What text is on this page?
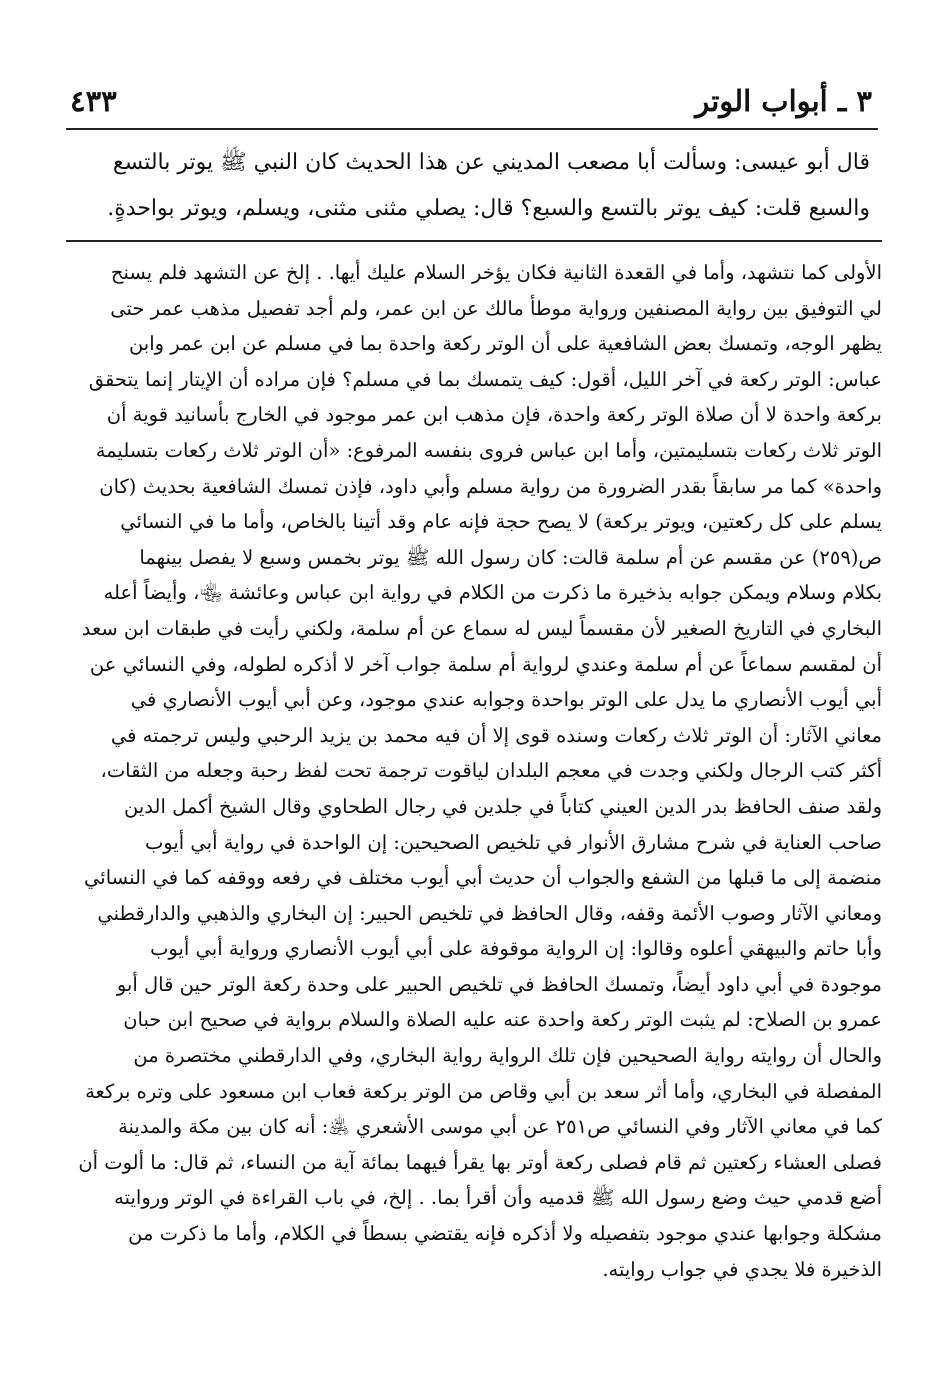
٣ ـ أبواب الوتر
٤٣٣

قال أبو عيسى: وسألت أبا مصعب المديني عن هذا الحديث كان النبي ﷺ يوتر بالتسع

والسبع قلت: كيف يوتر بالتسع والسبع؟ قال: يصلي مثنى مثنى، ويسلم، ويوتر بواحدةٍ.

الأولى كما نتشهد، وأما في القعدة الثانية فكان يؤخر السلام عليك أيها. . إلخ عن التشهد فلم يسنح
لي التوفيق بين رواية المصنفين ورواية موطأ مالك عن ابن عمر، ولم أجد تفصيل مذهب عمر حتى
يظهر الوجه، وتمسك بعض الشافعية على أن الوتر ركعة واحدة بما في مسلم عن ابن عمر وابن
عباس: الوتر ركعة في آخر الليل، أقول: كيف يتمسك بما في مسلم؟ فإن مراده أن الإيتار إنما يتحقق
بركعة واحدة لا أن صلاة الوتر ركعة واحدة، فإن مذهب ابن عمر موجود في الخارج بأسانيد قوية أن
الوتر ثلاث ركعات بتسليمتين، وأما ابن عباس فروى بنفسه المرفوع: «أن الوتر ثلاث ركعات بتسليمة
واحدة» كما مر سابقاً بقدر الضرورة من رواية مسلم وأبي داود، فإذن تمسك الشافعية بحديث (كان
يسلم على كل ركعتين، ويوتر بركعة) لا يصح حجة فإنه عام وقد أتينا بالخاص، وأما ما في النسائي
ص(٢٥٩) عن مقسم عن أم سلمة قالت: كان رسول الله ﷺ يوتر بخمس وسبع لا يفصل بينهما
بكلام وسلام ويمكن جوابه بذخيرة ما ذكرت من الكلام في رواية ابن عباس وعائشة ﵄، وأيضاً أعله
البخاري في التاريخ الصغير لأن مقسماً ليس له سماع عن أم سلمة، ولكني رأيت في طبقات ابن سعد
أن لمقسم سماعاً عن أم سلمة وعندي لرواية أم سلمة جواب آخر لا أذكره لطوله، وفي النسائي عن
أبي أيوب الأنصاري ما يدل على الوتر بواحدة وجوابه عندي موجود، وعن أبي أيوب الأنصاري في
معاني الآثار: أن الوتر ثلاث ركعات وسنده قوى إلا أن فيه محمد بن يزيد الرحبي وليس ترجمته في
أكثر كتب الرجال ولكني وجدت في معجم البلدان لياقوت ترجمة تحت لفظ رحبة وجعله من الثقات،
ولقد صنف الحافظ بدر الدين العيني كتاباً في جلدين في رجال الطحاوي وقال الشيخ أكمل الدين
صاحب العناية في شرح مشارق الأنوار في تلخيص الصحيحين: إن الواحدة في رواية أبي أيوب
منضمة إلى ما قبلها من الشفع والجواب أن حديث أبي أيوب مختلف في رفعه ووقفه كما في النسائي
ومعاني الآثار وصوب الأئمة وقفه، وقال الحافظ في تلخيص الحبير: إن البخاري والذهبي والدارقطني
وأبا حاتم والبيهقي أعلوه وقالوا: إن الرواية موقوفة على أبي أيوب الأنصاري ورواية أبي أيوب
موجودة في أبي داود أيضاً، وتمسك الحافظ في تلخيص الحبير على وحدة ركعة الوتر حين قال أبو
عمرو بن الصلاح: لم يثبت الوتر ركعة واحدة عنه عليه الصلاة والسلام برواية في صحيح ابن حبان
والحال أن روايته رواية الصحيحين فإن تلك الرواية رواية البخاري، وفي الدارقطني مختصرة من
المفصلة في البخاري، وأما أثر سعد بن أبي وقاص من الوتر بركعة فعاب ابن مسعود على وتره بركعة
كما في معاني الآثار وفي النسائي ص٢٥١ عن أبي موسى الأشعري ﵁: أنه كان بين مكة والمدينة
فصلى العشاء ركعتين ثم قام فصلى ركعة أوتر بها يقرأ فيهما بمائة آية من النساء، ثم قال: ما ألوت أن
أضع قدمي حيث وضع رسول الله ﷺ قدميه وأن أقرأ بما. . إلخ، في باب القراءة في الوتر وروايته
مشكلة وجوابها عندي موجود بتفصيله ولا أذكره فإنه يقتضي بسطاً في الكلام، وأما ما ذكرت من
الذخيرة فلا يجدي في جواب روايته.
